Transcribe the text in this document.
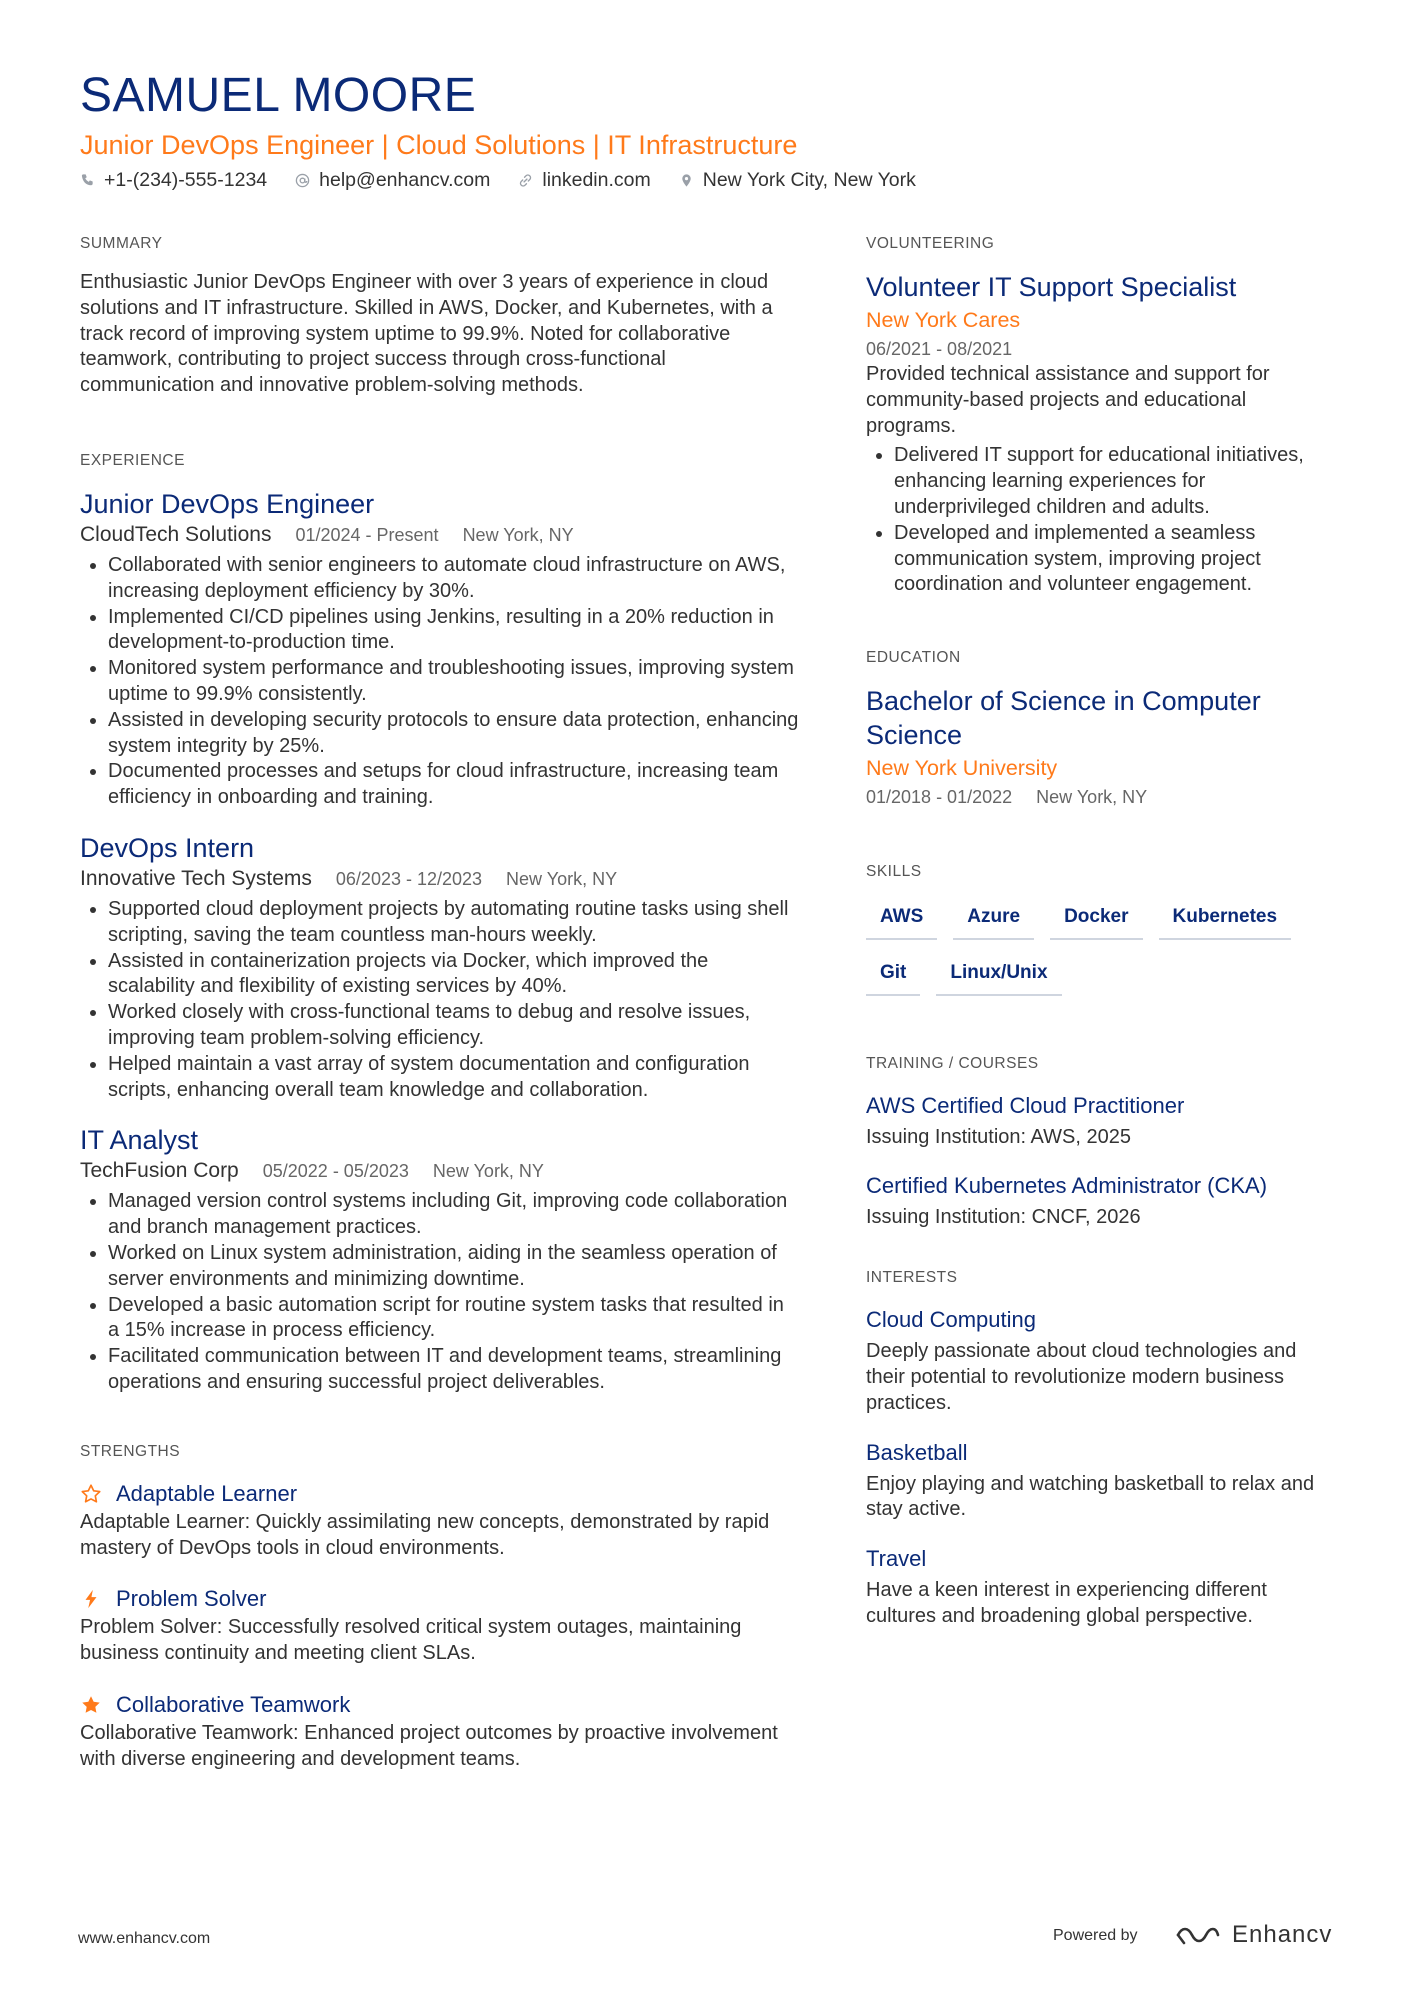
SAMUEL MOORE
Junior DevOps Engineer | Cloud Solutions | IT Infrastructure
+1-(234)-555-1234	help@enhancv.com	linkedin.com	New York City, New York
SUMMARY

Enthusiastic Junior DevOps Engineer with over 3 years of experience in cloud solutions and IT infrastructure. Skilled in AWS, Docker, and Kubernetes, with a track record of improving system uptime to 99.9%. Noted for collaborative teamwork, contributing to project success through cross-functional communication and innovative problem-solving methods.

EXPERIENCE
Junior DevOps Engineer
CloudTech Solutions 01/2024 - Present New York, NY
• Collaborated with senior engineers to automate cloud infrastructure on AWS, increasing deployment efficiency by 30%.
• Implemented CI/CD pipelines using Jenkins, resulting in a 20% reduction in development-to-production time.
• Monitored system performance and troubleshooting issues, improving system uptime to 99.9% consistently.
• Assisted in developing security protocols to ensure data protection, enhancing system integrity by 25%.
• Documented processes and setups for cloud infrastructure, increasing team efficiency in onboarding and training.
DevOps Intern
Innovative Tech Systems 06/2023 - 12/2023 New York, NY
• Supported cloud deployment projects by automating routine tasks using shell scripting, saving the team countless man-hours weekly.
• Assisted in containerization projects via Docker, which improved the scalability and flexibility of existing services by 40%.
• Worked closely with cross-functional teams to debug and resolve issues, improving team problem-solving efficiency.
• Helped maintain a vast array of system documentation and configuration scripts, enhancing overall team knowledge and collaboration.
IT Analyst
TechFusion Corp 05/2022 - 05/2023 New York, NY
• Managed version control systems including Git, improving code collaboration and branch management practices.
• Worked on Linux system administration, aiding in the seamless operation of server environments and minimizing downtime.
• Developed a basic automation script for routine system tasks that resulted in a 15% increase in process efficiency.
• Facilitated communication between IT and development teams, streamlining operations and ensuring successful project deliverables.
STRENGTHS
Adaptable Learner

Adaptable Learner: Quickly assimilating new concepts, demonstrated by rapid mastery of DevOps tools in cloud environments.

Problem Solver

Problem Solver: Successfully resolved critical system outages, maintaining business continuity and meeting client SLAs.

Collaborative Teamwork

Collaborative Teamwork: Enhanced project outcomes by proactive involvement with diverse engineering and development teams.

VOLUNTEERING
Volunteer IT Support Specialist
New York Cares
06/2021 - 08/2021

Provided technical assistance and support for community-based projects and educational programs.

• Delivered IT support for educational initiatives, enhancing learning experiences for underprivileged children and adults.
• Developed and implemented a seamless communication system, improving project coordination and volunteer engagement.
EDUCATION
Bachelor of Science in Computer Science
New York University
01/2018 - 01/2022 New York, NY
SKILLS
AWS	Azure	Docker	Kubernetes
Git	Linux/Unix
TRAINING / COURSES
AWS Certified Cloud Practitioner
Issuing Institution: AWS, 2025
Certified Kubernetes Administrator (CKA)
Issuing Institution: CNCF, 2026
INTERESTS
Cloud Computing

Deeply passionate about cloud technologies and their potential to revolutionize modern business practices.

Basketball

Enjoy playing and watching basketball to relax and stay active.

Travel

Have a keen interest in experiencing different cultures and broadening global perspective.

www.enhancv.com	Powered by	Enhancv
